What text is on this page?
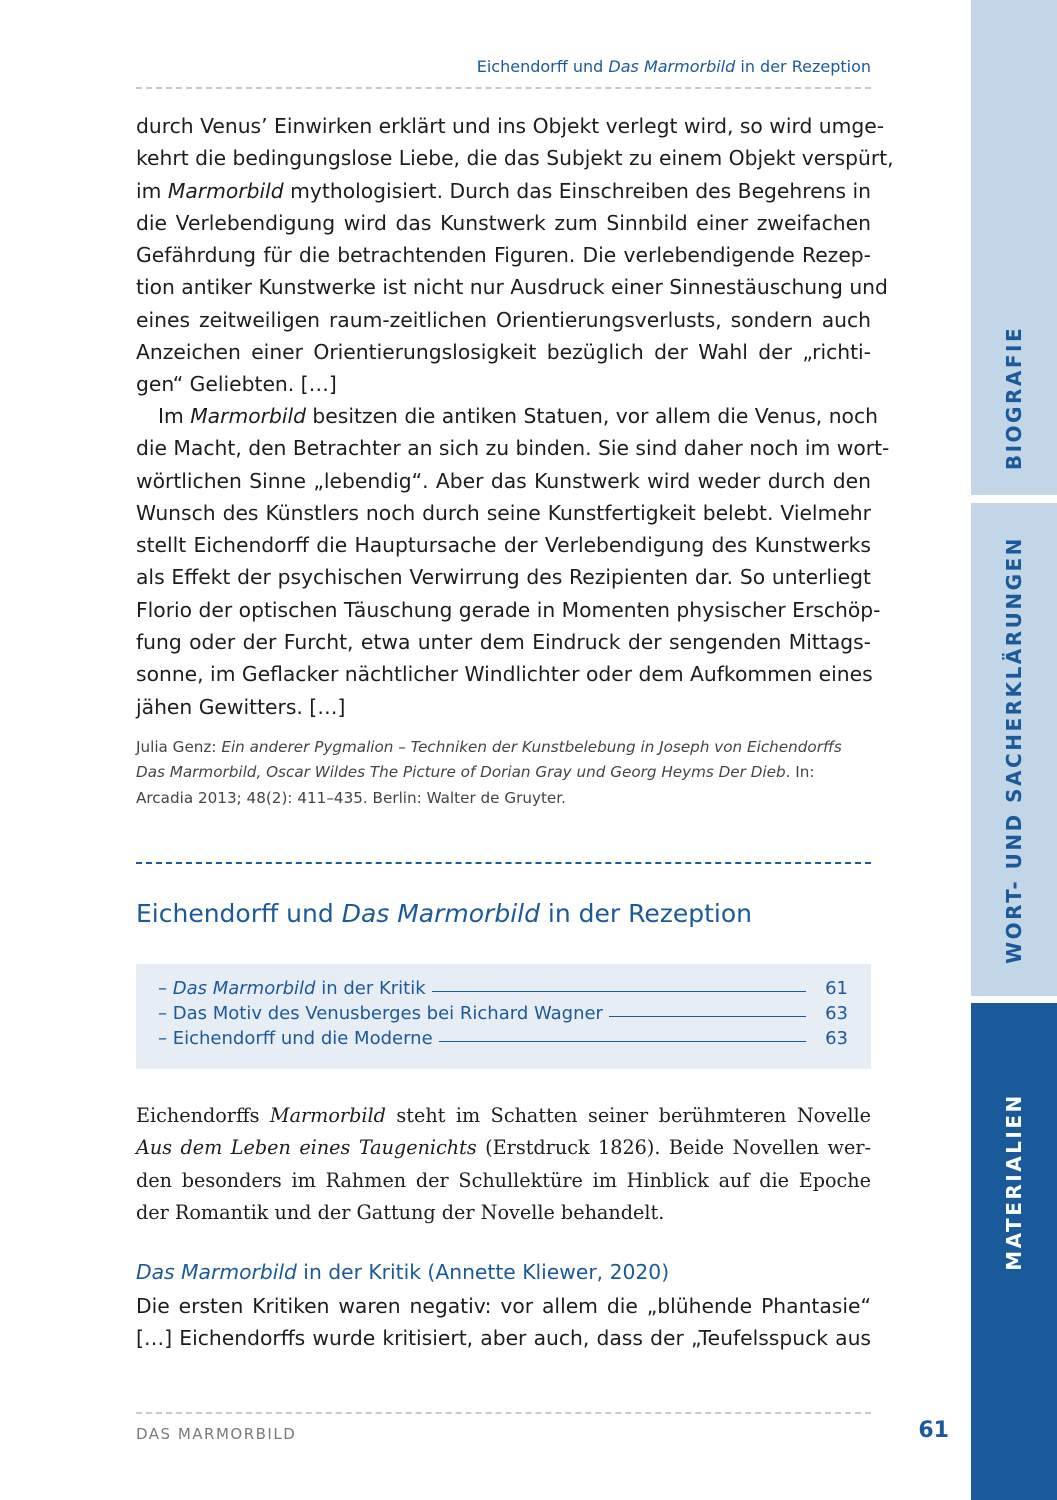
Eichendorff und Das Marmorbild in der Rezeption
durch Venus’ Einwirken erklärt und ins Objekt verlegt wird, so wird umge-
kehrt die bedingungslose Liebe, die das Subjekt zu einem Objekt verspürt,
im Marmorbild mythologisiert. Durch das Einschreiben des Begehrens in
die Verlebendigung wird das Kunstwerk zum Sinnbild einer zweifachen
Gefährdung für die betrachtenden Figuren. Die verlebendigende Rezep-
tion antiker Kunstwerke ist nicht nur Ausdruck einer Sinnestäuschung und
eines zeitweiligen raum-zeitlichen Orientierungsverlusts, sondern auch
Anzeichen einer Orientierungslosigkeit bezüglich der Wahl der „richti-
gen“ Geliebten. […]
Im Marmorbild besitzen die antiken Statuen, vor allem die Venus, noch
die Macht, den Betrachter an sich zu binden. Sie sind daher noch im wort-
wörtlichen Sinne „lebendig“. Aber das Kunstwerk wird weder durch den
Wunsch des Künstlers noch durch seine Kunstfertigkeit belebt. Vielmehr
stellt Eichendorff die Hauptursache der Verlebendigung des Kunstwerks
als Effekt der psychischen Verwirrung des Rezipienten dar. So unterliegt
Florio der optischen Täuschung gerade in Momenten physischer Erschöp-
fung oder der Furcht, etwa unter dem Eindruck der sengenden Mittags-
sonne, im Geflacker nächtlicher Windlichter oder dem Aufkommen eines
jähen Gewitters. […]
Julia Genz: Ein anderer Pygmalion – Techniken der Kunstbelebung in Joseph von Eichendorffs
Das Marmorbild, Oscar Wildes The Picture of Dorian Gray und Georg Heyms Der Dieb. In:
Arcadia 2013; 48(2): 411–435. Berlin: Walter de Gruyter.
Eichendorff und Das Marmorbild in der Rezeption
– Das Marmorbild in der Kritik	61
– Das Motiv des Venusberges bei Richard Wagner	63
– Eichendorff und die Moderne	63
Eichendorffs Marmorbild steht im Schatten seiner berühmteren Novelle
Aus dem Leben eines Taugenichts (Erstdruck 1826). Beide Novellen wer-
den besonders im Rahmen der Schullektüre im Hinblick auf die Epoche
der Romantik und der Gattung der Novelle behandelt.
Das Marmorbild in der Kritik (Annette Kliewer, 2020)
Die ersten Kritiken waren negativ: vor allem die „blühende Phantasie“
[…] Eichendorffs wurde kritisiert, aber auch, dass der „Teufelsspuck aus
DAS MARMORBILD	61
BIOGRAFIE
WORT- UND SACHERKLÄRUNGEN
MATERIALIEN
